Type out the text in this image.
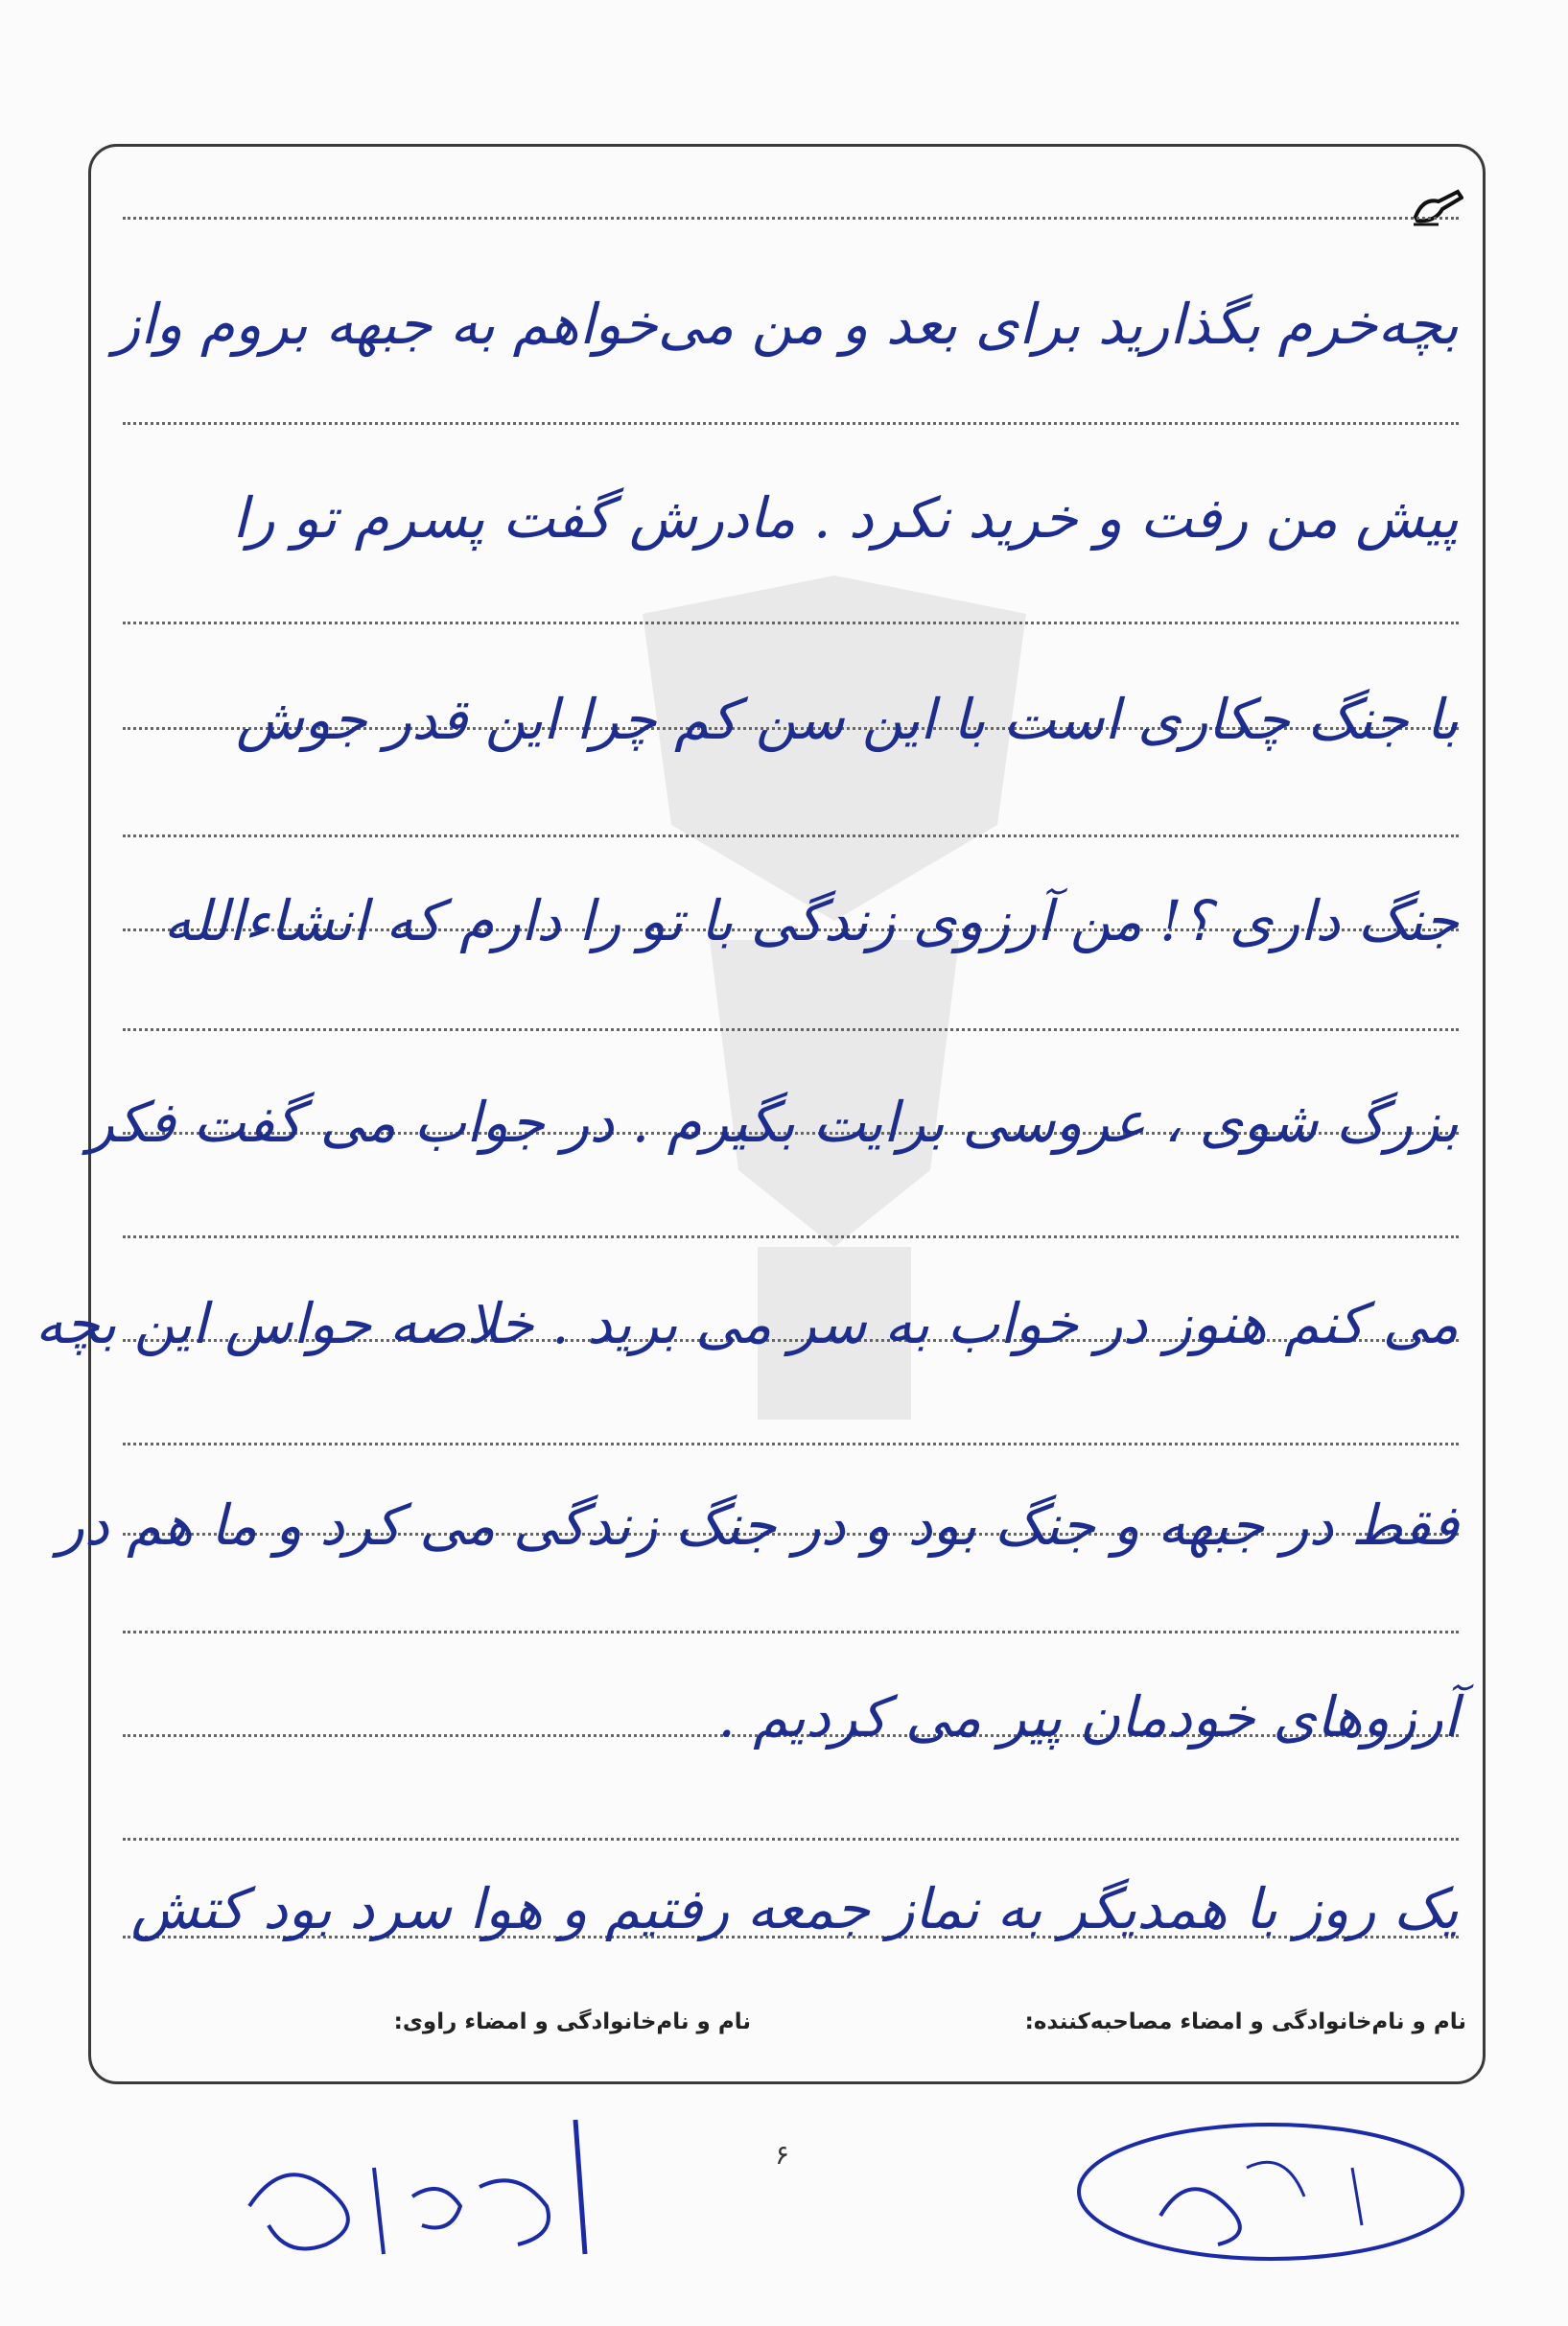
بچه‌خرم بگذارید برای بعد و من می‌خواهم به جبهه بروم واز
پیش من رفت و خرید نکرد . مادرش گفت پسرم تو را
با جنگ چکاری است با این سن کم چرا این قدر جوش
جنگ داری ؟! من آرزوی زندگی با تو را دارم که انشاءالله
بزرگ شوی ، عروسی برایت بگیرم . در جواب می گفت فکر
می کنم هنوز در خواب به سر می برید . خلاصه حواس این بچه
فقط در جبهه و جنگ بود و در جنگ زندگی می کرد و ما هم در
آرزوهای خودمان پیر می کردیم .
یک روز با همدیگر به نماز جمعه رفتیم و هوا سرد بود کتش
نام و نام‌خانوادگی و امضاء مصاحبه‌کننده:
نام و نام‌خانوادگی و امضاء راوی:
۶
